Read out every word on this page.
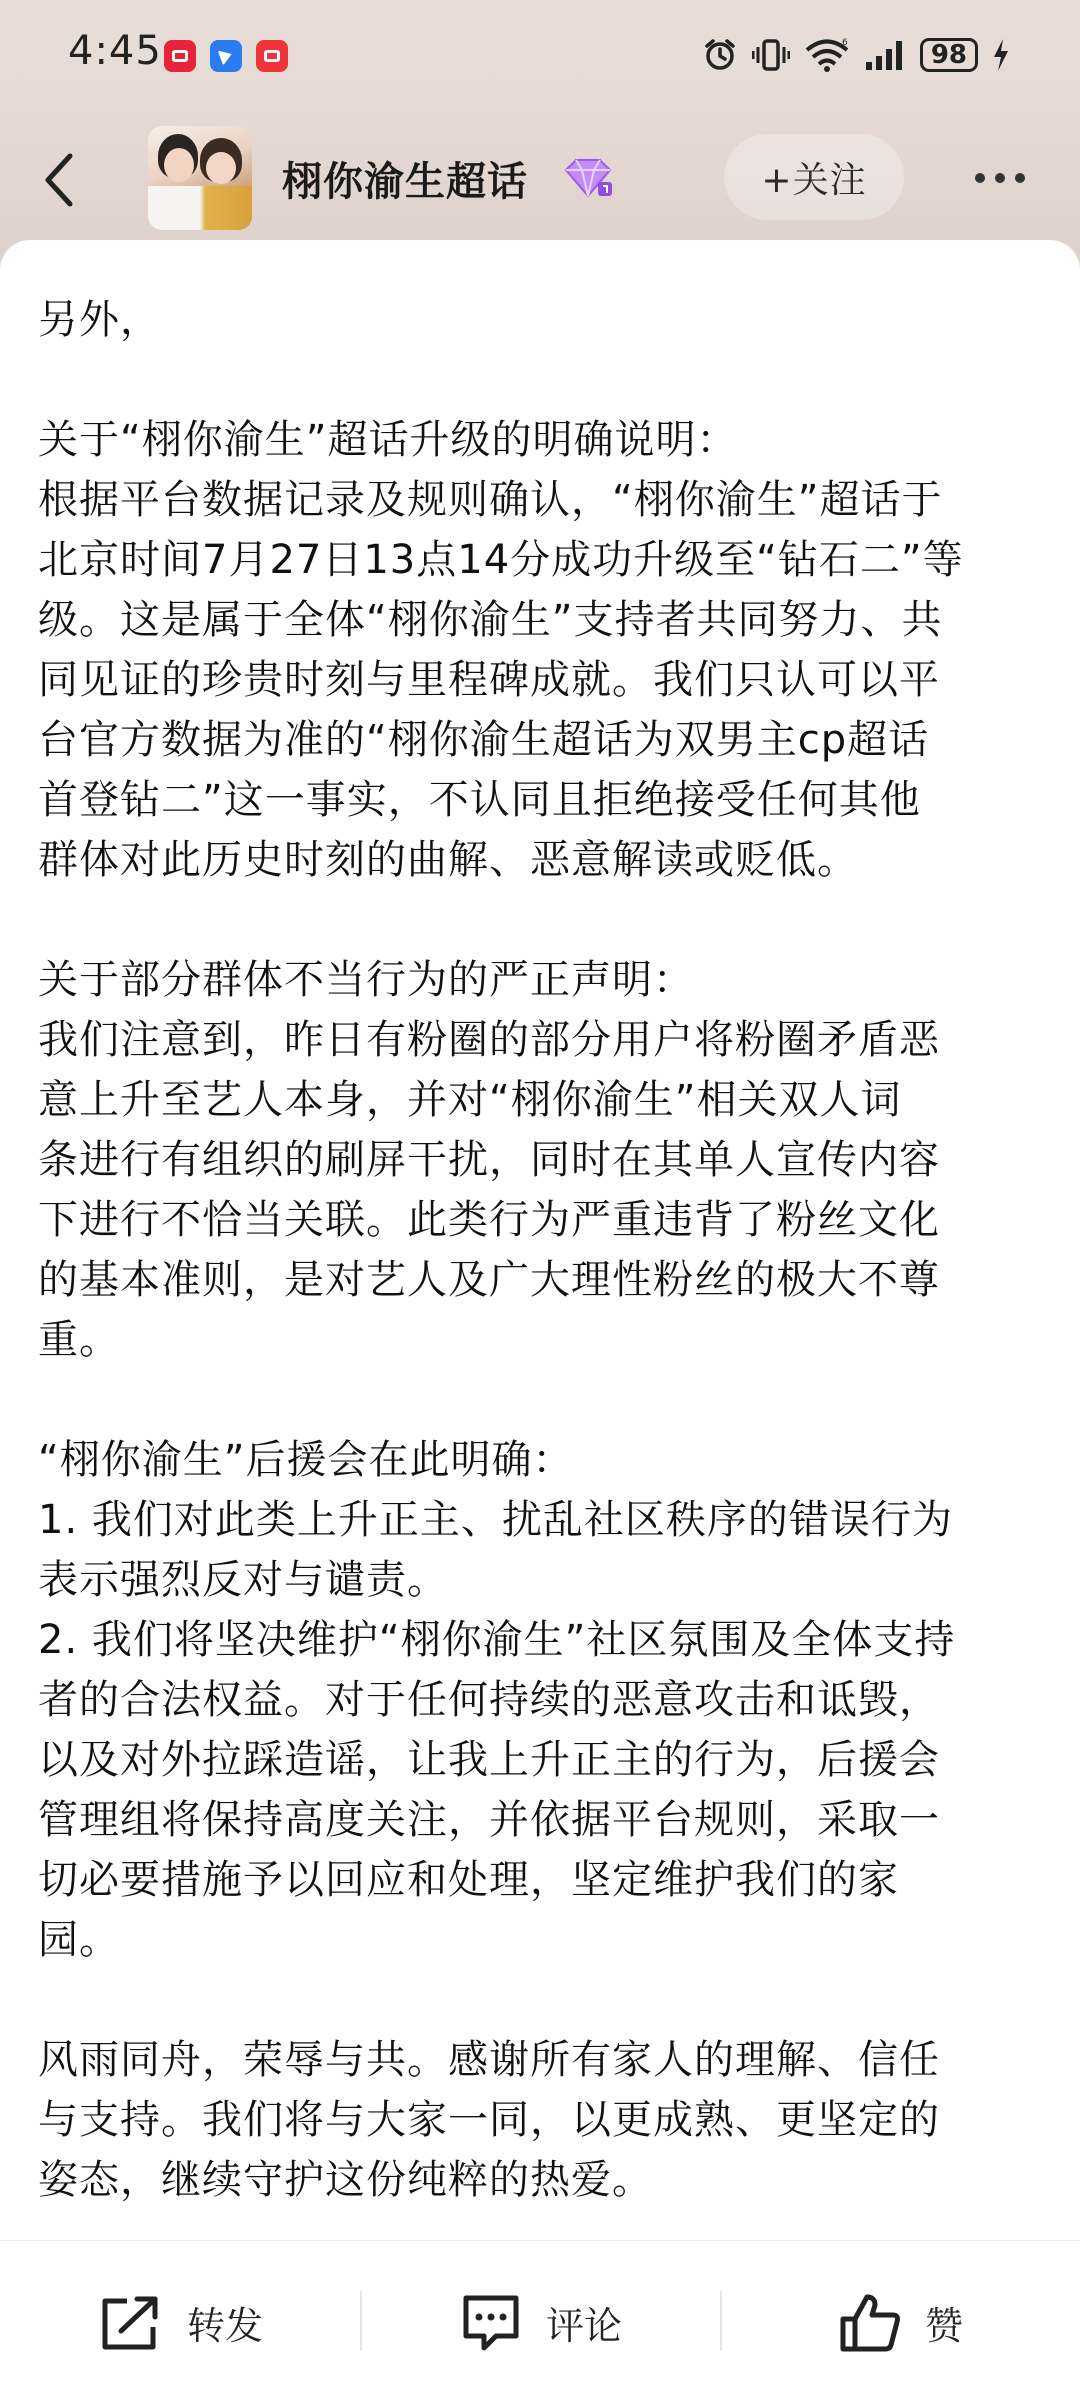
4:45	6	98
栩你渝生超话	+关注

另外，

关于“栩你渝生”超话升级的明确说明：

根据平台数据记录及规则确认，“栩你渝生”超话于

北京时间7月27日13点14分成功升级至“钻石二”等

级。这是属于全体“栩你渝生”支持者共同努力、共

同见证的珍贵时刻与里程碑成就。我们只认可以平

台官方数据为准的“栩你渝生超话为双男主cp超话

首登钻二”这一事实，不认同且拒绝接受任何其他

群体对此历史时刻的曲解、恶意解读或贬低。

关于部分群体不当行为的严正声明：

我们注意到，昨日有粉圈的部分用户将粉圈矛盾恶

意上升至艺人本身，并对“栩你渝生”相关双人词

条进行有组织的刷屏干扰，同时在其单人宣传内容

下进行不恰当关联。此类行为严重违背了粉丝文化

的基本准则，是对艺人及广大理性粉丝的极大不尊

重。

“栩你渝生”后援会在此明确：

1. 我们对此类上升正主、扰乱社区秩序的错误行为

表示强烈反对与谴责。

2. 我们将坚决维护“栩你渝生”社区氛围及全体支持

者的合法权益。对于任何持续的恶意攻击和诋毁，

以及对外拉踩造谣，让我上升正主的行为，后援会

管理组将保持高度关注，并依据平台规则，采取一

切必要措施予以回应和处理，坚定维护我们的家

园。

风雨同舟，荣辱与共。感谢所有家人的理解、信任

与支持。我们将与大家一同，以更成熟、更坚定的

姿态，继续守护这份纯粹的热爱。

转发	评论	赞
